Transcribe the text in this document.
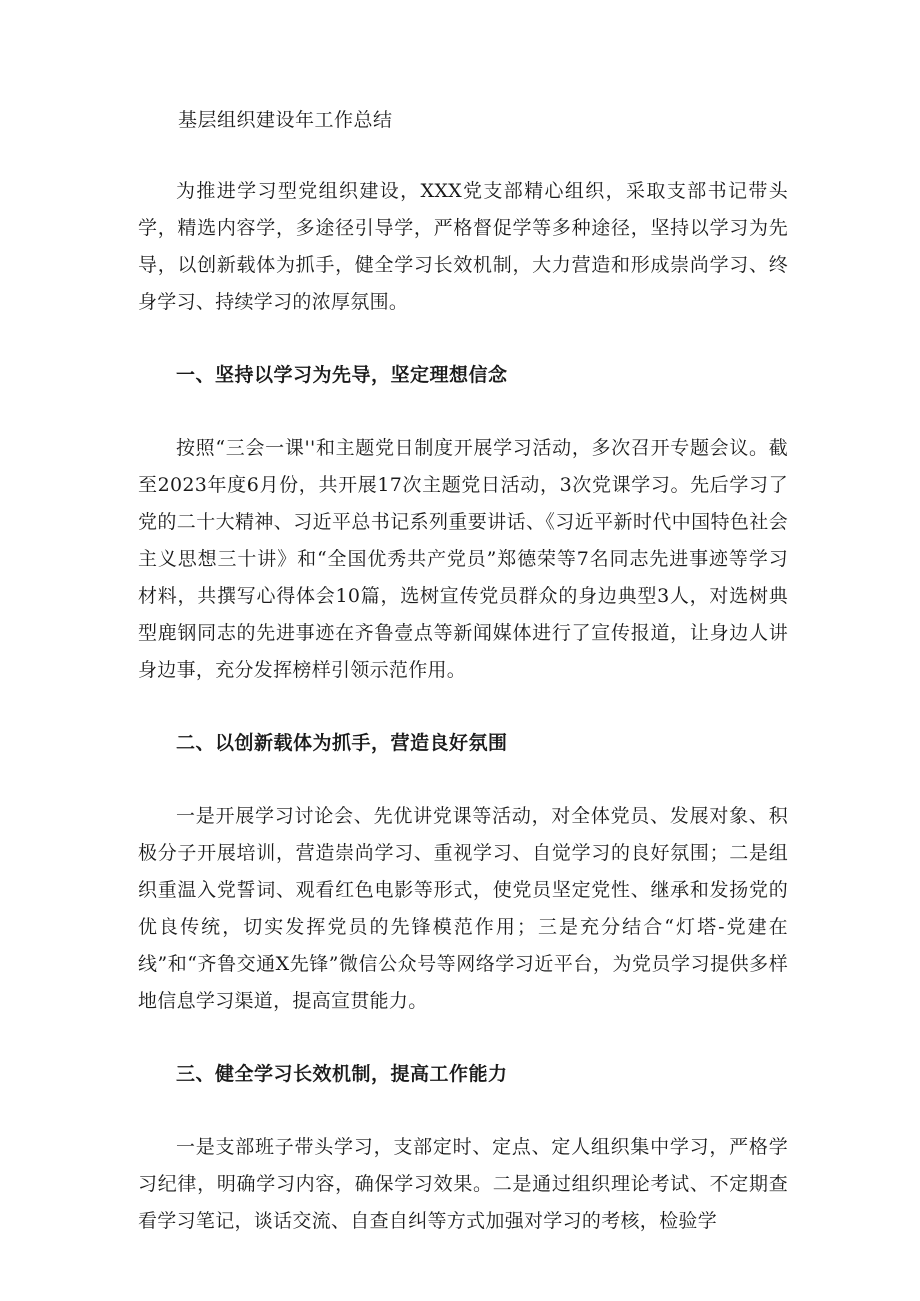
基层组织建设年工作总结

为推进学习型党组织建设，XXX党支部精心组织，采取支部书记带头学，精选内容学，多途径引导学，严格督促学等多种途径，坚持以学习为先导，以创新载体为抓手，健全学习长效机制，大力营造和形成崇尚学习、终身学习、持续学习的浓厚氛围。

一、坚持以学习为先导，坚定理想信念

按照“三会一课''和主题党日制度开展学习活动，多次召开专题会议。截至2023年度6月份，共开展17次主题党日活动，3次党课学习。先后学习了党的二十大精神、习近平总书记系列重要讲话、《习近平新时代中国特色社会主义思想三十讲》和“全国优秀共产党员”郑德荣等7名同志先进事迹等学习材料，共撰写心得体会10篇，选树宣传党员群众的身边典型3人，对选树典型鹿钢同志的先进事迹在齐鲁壹点等新闻媒体进行了宣传报道，让身边人讲身边事，充分发挥榜样引领示范作用。

二、以创新载体为抓手，营造良好氛围

一是开展学习讨论会、先优讲党课等活动，对全体党员、发展对象、积极分子开展培训，营造崇尚学习、重视学习、自觉学习的良好氛围；二是组织重温入党誓词、观看红色电影等形式，使党员坚定党性、继承和发扬党的优良传统，切实发挥党员的先锋模范作用；三是充分结合“灯塔-党建在线”和“齐鲁交通X先锋”微信公众号等网络学习近平台，为党员学习提供多样地信息学习渠道，提高宣贯能力。

三、健全学习长效机制，提高工作能力

一是支部班子带头学习，支部定时、定点、定人组织集中学习，严格学习纪律，明确学习内容，确保学习效果。二是通过组织理论考试、不定期查看学习笔记，谈话交流、自查自纠等方式加强对学习的考核，检验学
